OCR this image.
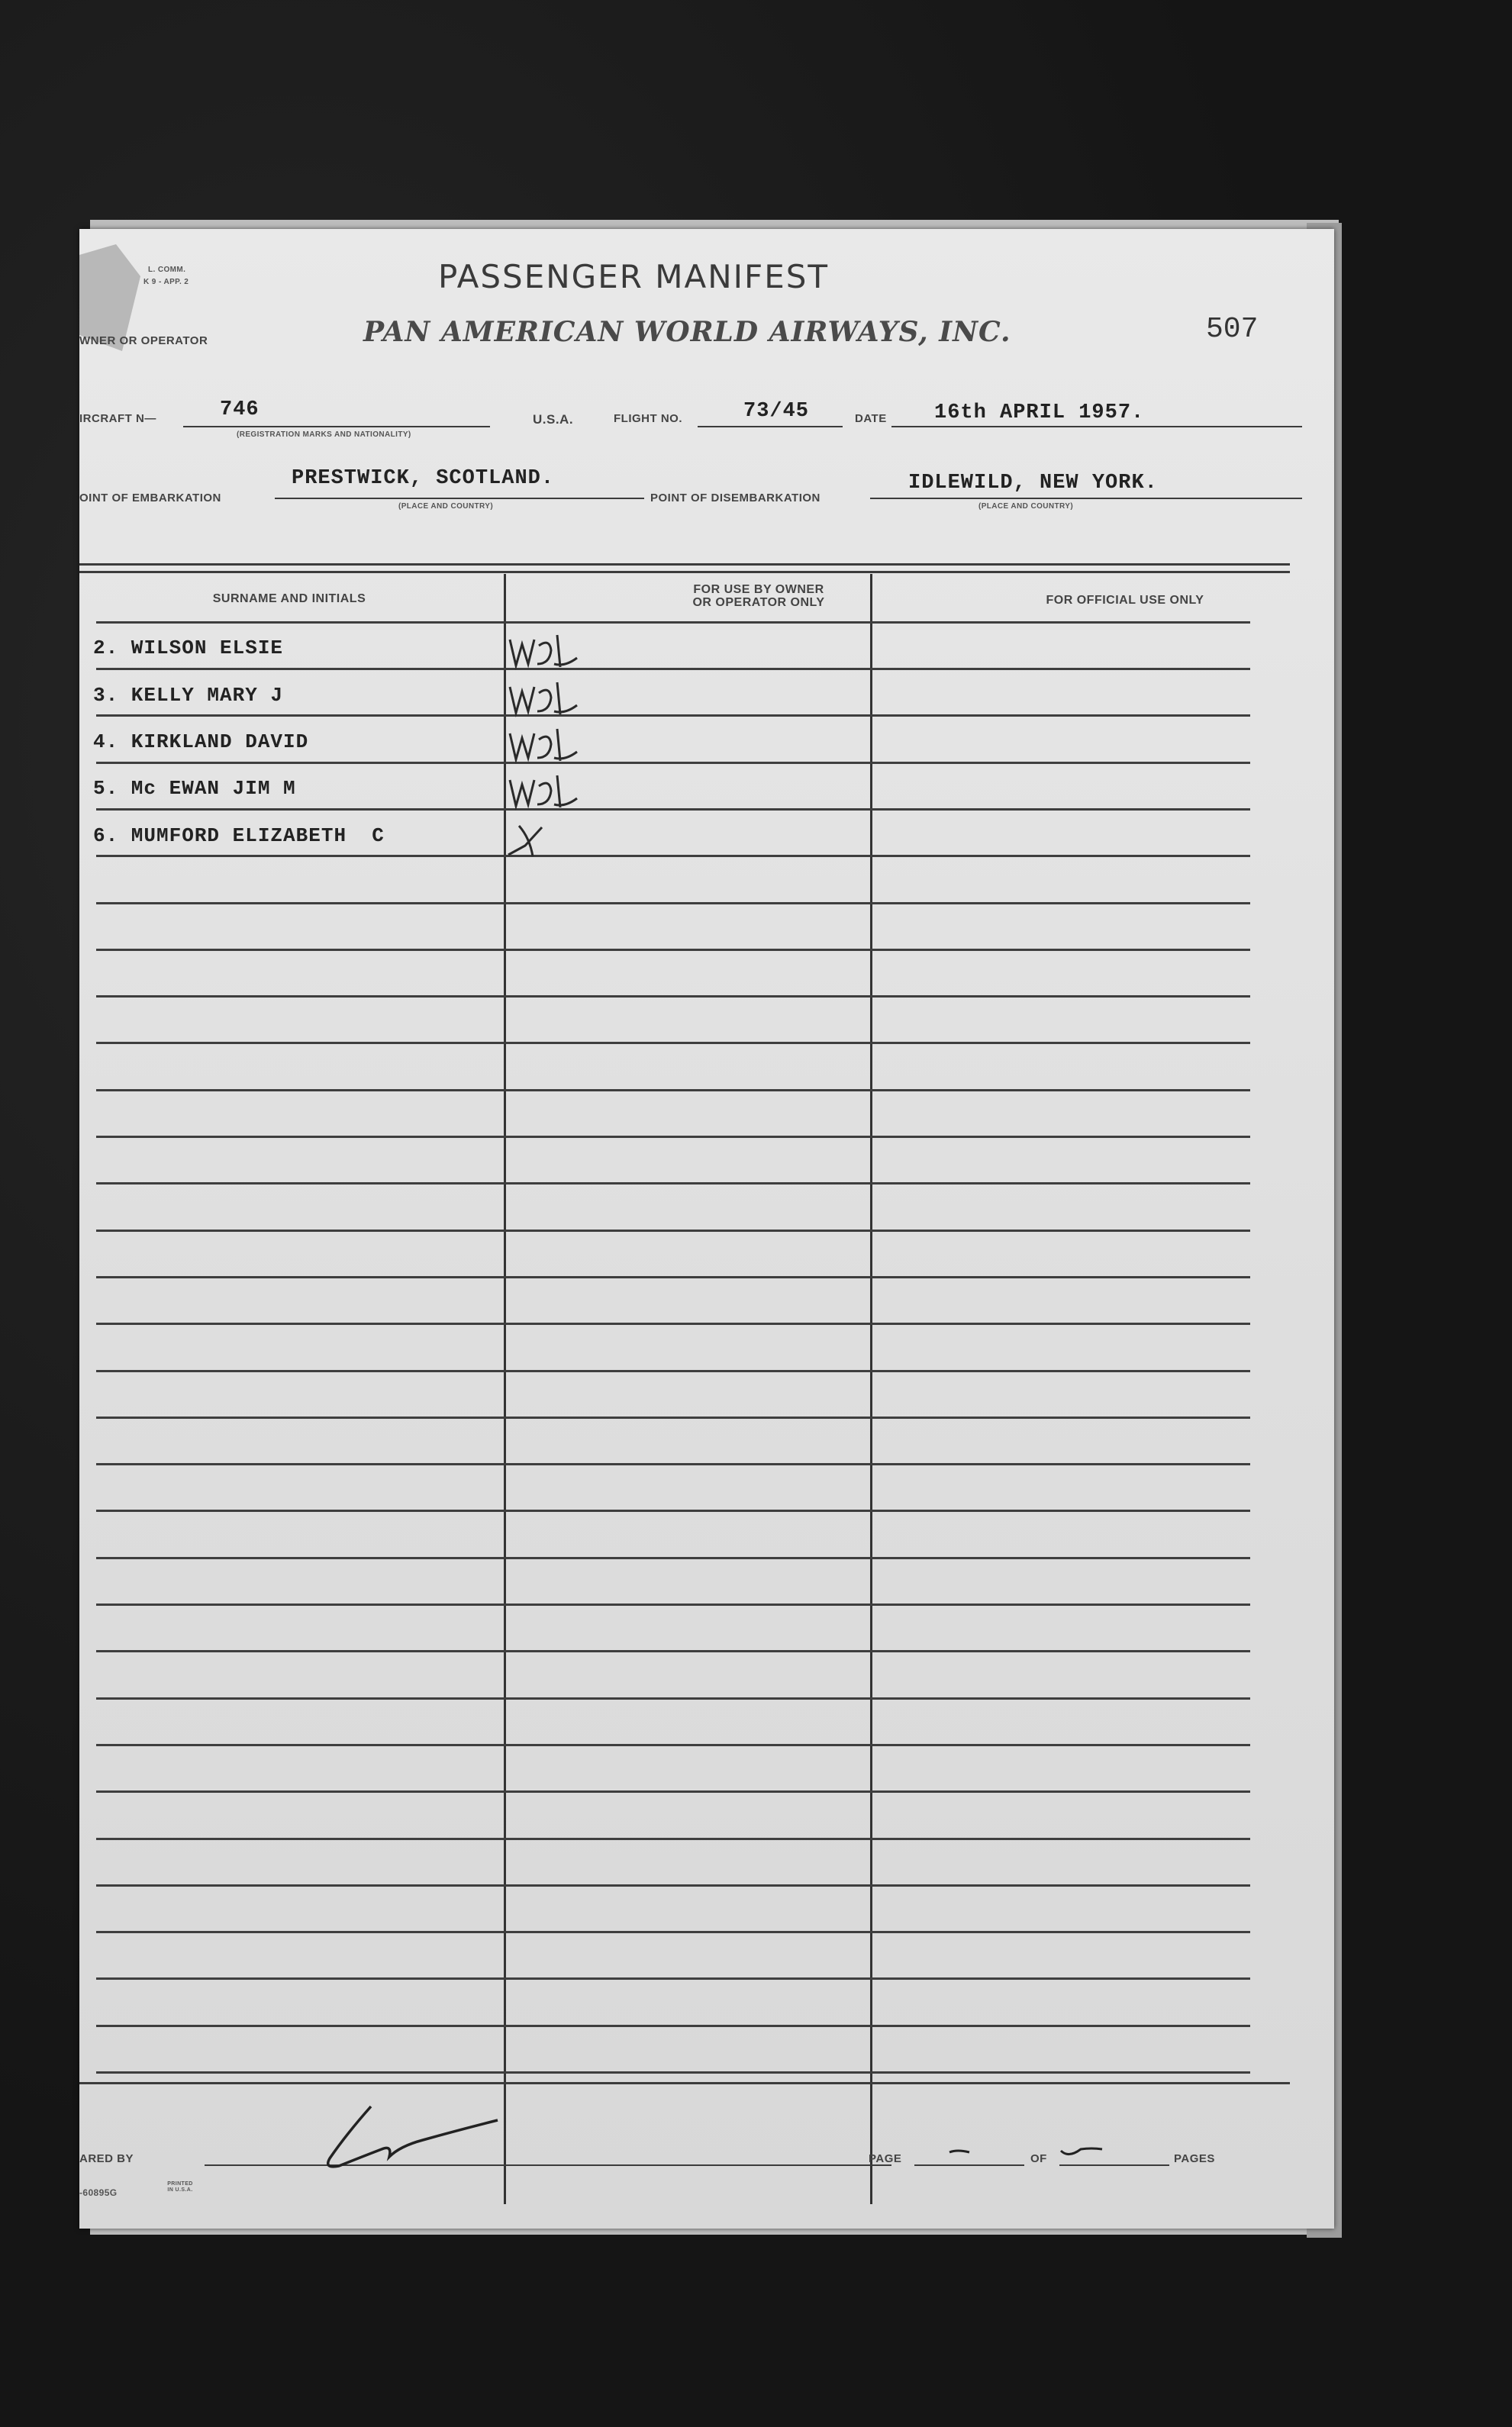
L. COMM.
K 9 - APP. 2	PASSENGER MANIFEST
507
WNER OR OPERATOR	PAN AMERICAN WORLD AIRWAYS, INC.
IRCRAFT N—	746
(REGISTRATION MARKS AND NATIONALITY)
U.S.A.	FLIGHT NO.	73/45	DATE 16th APRIL 1957.
OINT OF EMBARKATION
PRESTWICK, SCOTLAND.
(PLACE AND COUNTRY)
POINT OF DISEMBARKATION
IDLEWILD, NEW YORK.
(PLACE AND COUNTRY)
SURNAME AND INITIALS
FOR USE BY OWNER
OR OPERATOR ONLY	FOR OFFICIAL USE ONLY
2. WILSON ELSIE
3. KELLY MARY J
4. KIRKLAND DAVID
5. Mc EWAN JIM M
6. MUMFORD ELIZABETH  C
ARED BY	PAGE	OF	PAGES
-60895G
PRINTED IN U.S.A.
